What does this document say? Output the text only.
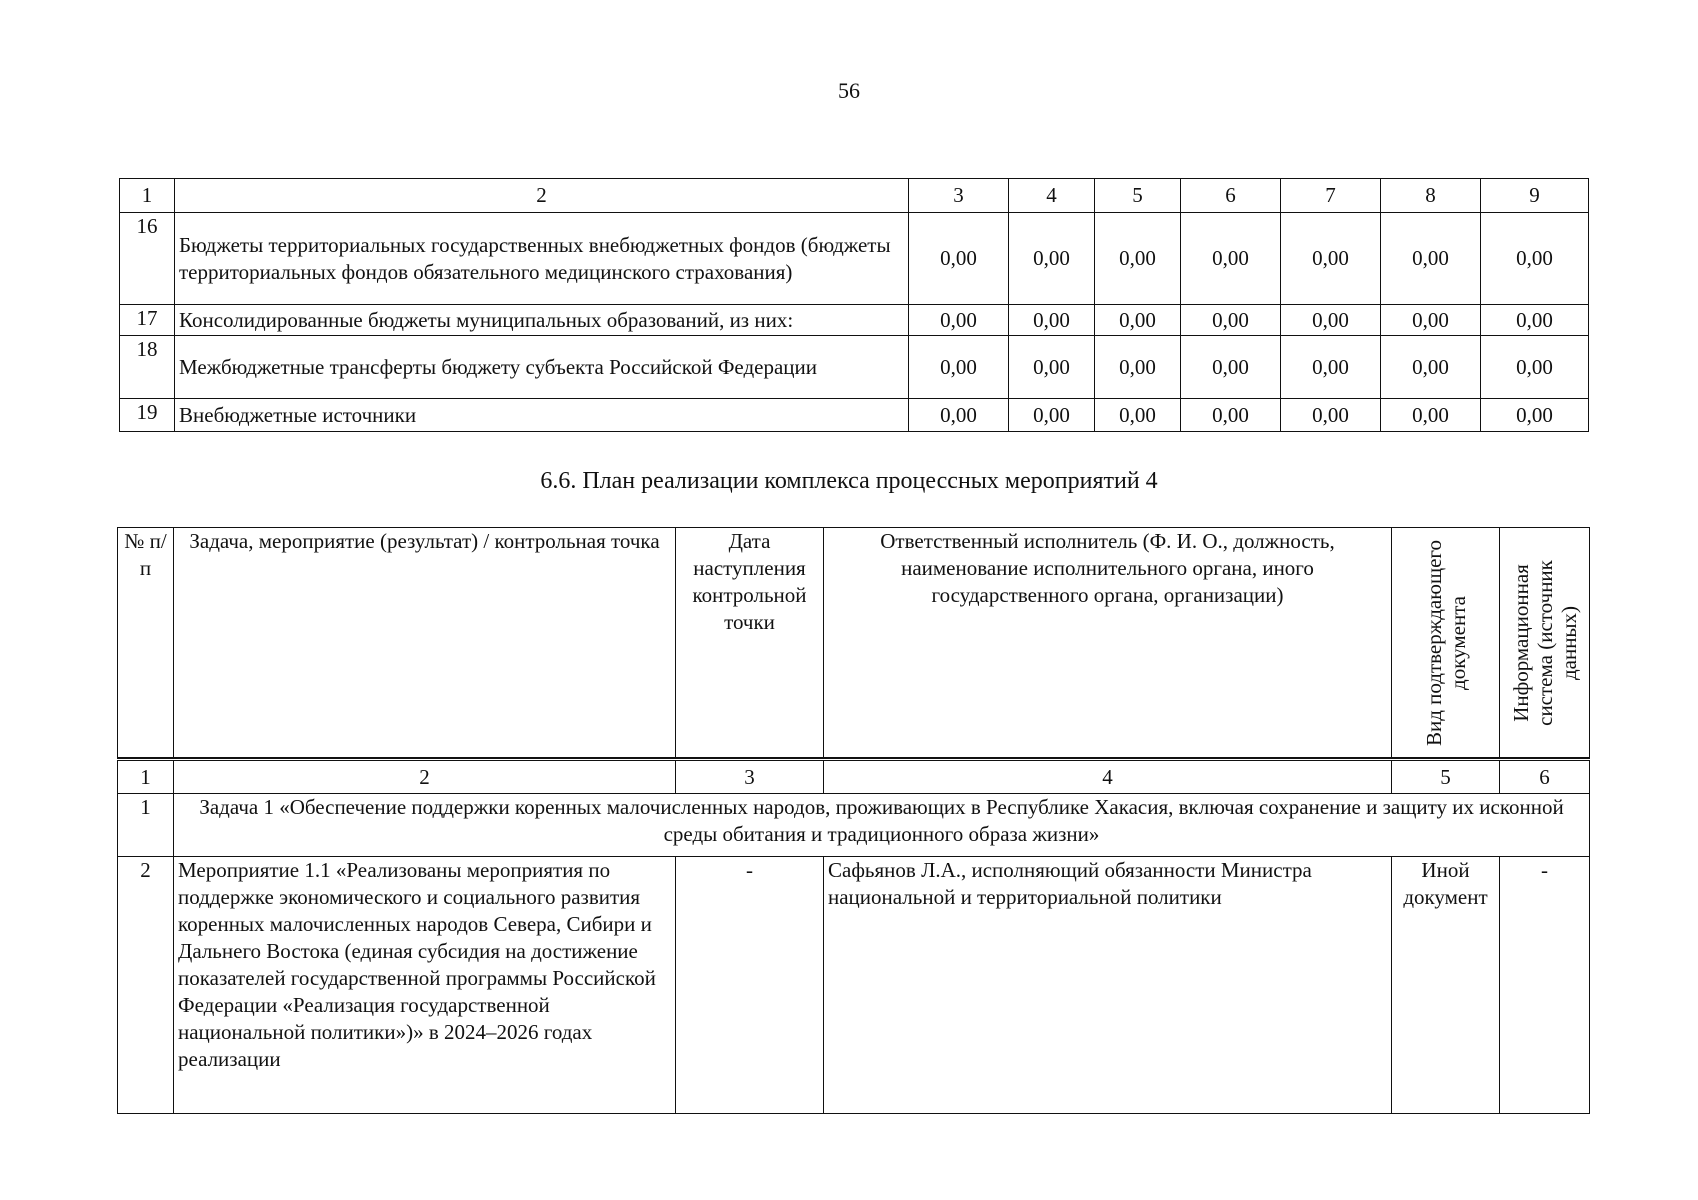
56
1	2	3	4	5	6	7	8	9
16	Бюджеты территориальных государственных внебюджетных фондов (бюджеты территориальных фондов обязательного медицинского страхования)	0,00	0,00	0,00	0,00	0,00	0,00	0,00
17	Консолидированные бюджеты муниципальных образований, из них:	0,00	0,00	0,00	0,00	0,00	0,00	0,00
18	Межбюджетные трансферты бюджету субъекта Российской Федерации	0,00	0,00	0,00	0,00	0,00	0,00	0,00
19	Внебюджетные источники	0,00	0,00	0,00	0,00	0,00	0,00	0,00
6.6. План реализации комплекса процессных мероприятий 4
№ п/п	Задача, мероприятие (результат) / контрольная точка	Дата наступления контрольной точки	Ответственный исполнитель (Ф. И. О., должность, наименование исполнительного органа, иного государственного органа, организации)	Вид подтверждающего документа	Информационная система (источник данных)

1	2	3	4	5	6
1	Задача 1 «Обеспечение поддержки коренных малочисленных народов, проживающих в Республике Хакасия, включая сохранение и защиту их исконной среды обитания и традиционного образа жизни»				
2	Мероприятие 1.1 «Реализованы мероприятия по поддержке экономического и социального развития коренных малочисленных народов Севера, Сибири и Дальнего Востока (единая субсидия на достижение показателей государственной программы Российской Федерации «Реализация государственной национальной политики»)» в 2024–2026 годах реализации	-	Сафьянов Л.А., исполняющий обязанности Министра национальной и территориальной политики	Иной документ	-
